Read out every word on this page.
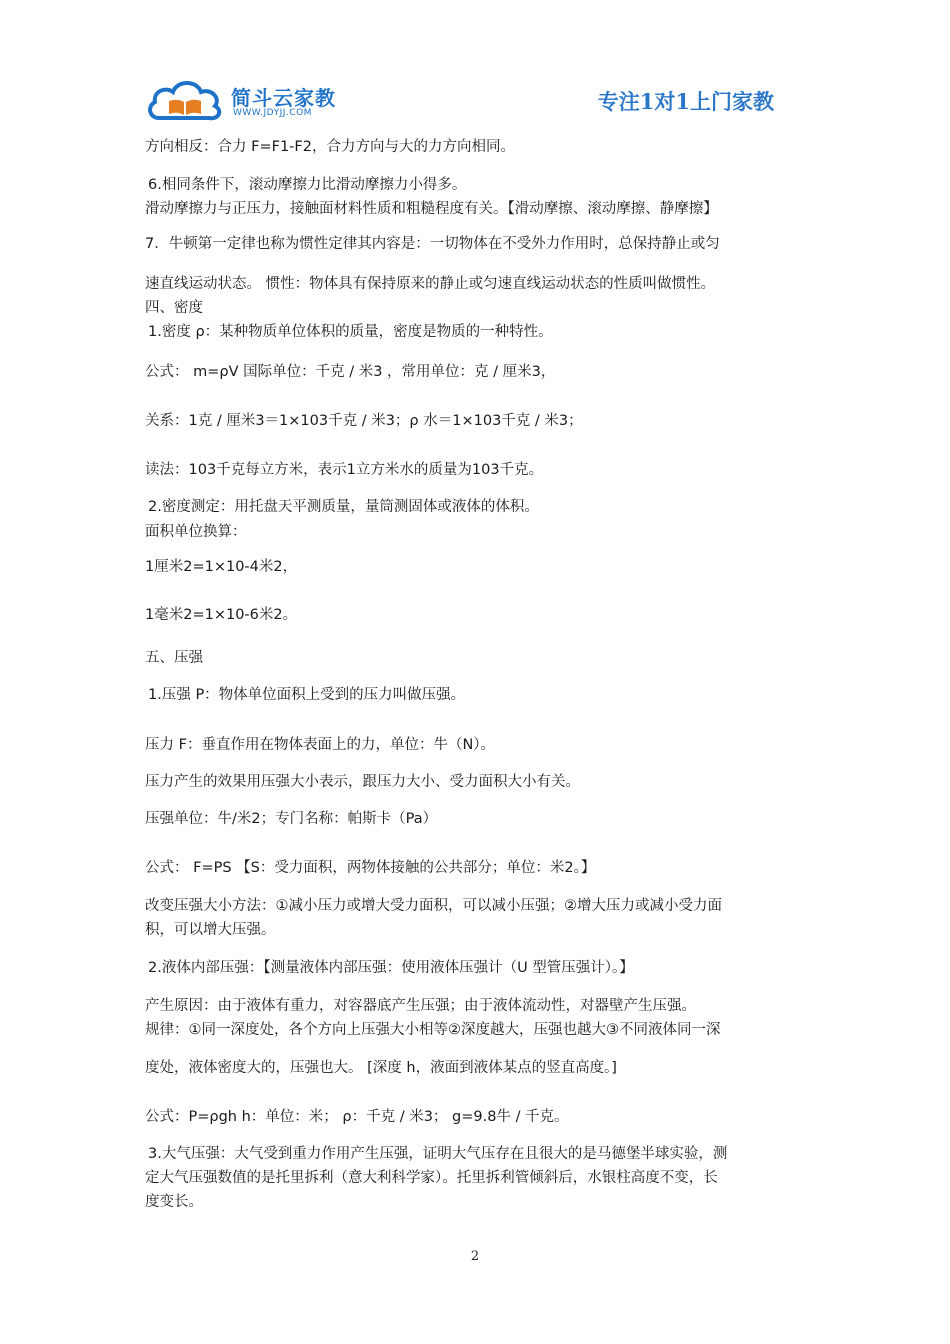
简斗云家教
WWW.JDYJJ.COM	专注1对1上门家教
方向相反：合力 F=F1-F2，合力方向与大的力方向相同。
6.相同条件下，滚动摩擦力比滑动摩擦力小得多。
滑动摩擦力与正压力，接触面材料性质和粗糙程度有关。【滑动摩擦、滚动摩擦、静摩擦】
7．牛顿第一定律也称为惯性定律其内容是：一切物体在不受外力作用时，总保持静止或匀
速直线运动状态。 惯性：物体具有保持原来的静止或匀速直线运动状态的性质叫做惯性。
四、密度
1.密度 ρ：某种物质单位体积的质量，密度是物质的一种特性。
公式： m=ρV 国际单位：千克 / 米3 ，常用单位：克 / 厘米3，
关系：1克 / 厘米3＝1×103千克 / 米3；ρ 水＝1×103千克 / 米3；
读法：103千克每立方米，表示1立方米水的质量为103千克。
2.密度测定：用托盘天平测质量，量筒测固体或液体的体积。
面积单位换算：
1厘米2=1×10-4米2，
1毫米2=1×10-6米2。
五、压强
1.压强 P：物体单位面积上受到的压力叫做压强。
压力 F：垂直作用在物体表面上的力，单位：牛（N）。
压力产生的效果用压强大小表示，跟压力大小、受力面积大小有关。
压强单位：牛/米2；专门名称：帕斯卡（Pa）
公式： F=PS 【S：受力面积，两物体接触的公共部分；单位：米2。】
改变压强大小方法：①减小压力或增大受力面积，可以减小压强；②增大压力或减小受力面
积，可以增大压强。
2.液体内部压强：【测量液体内部压强：使用液体压强计（U 型管压强计）。】
产生原因：由于液体有重力，对容器底产生压强；由于液体流动性，对器壁产生压强。
规律：①同一深度处，各个方向上压强大小相等②深度越大，压强也越大③不同液体同一深
度处，液体密度大的，压强也大。 [深度 h，液面到液体某点的竖直高度。]
公式：P=ρgh h：单位：米； ρ：千克 / 米3； g=9.8牛 / 千克。
3.大气压强：大气受到重力作用产生压强，证明大气压存在且很大的是马德堡半球实验，测
定大气压强数值的是托里拆利（意大利科学家）。托里拆利管倾斜后，水银柱高度不变，长
度变长。
2
